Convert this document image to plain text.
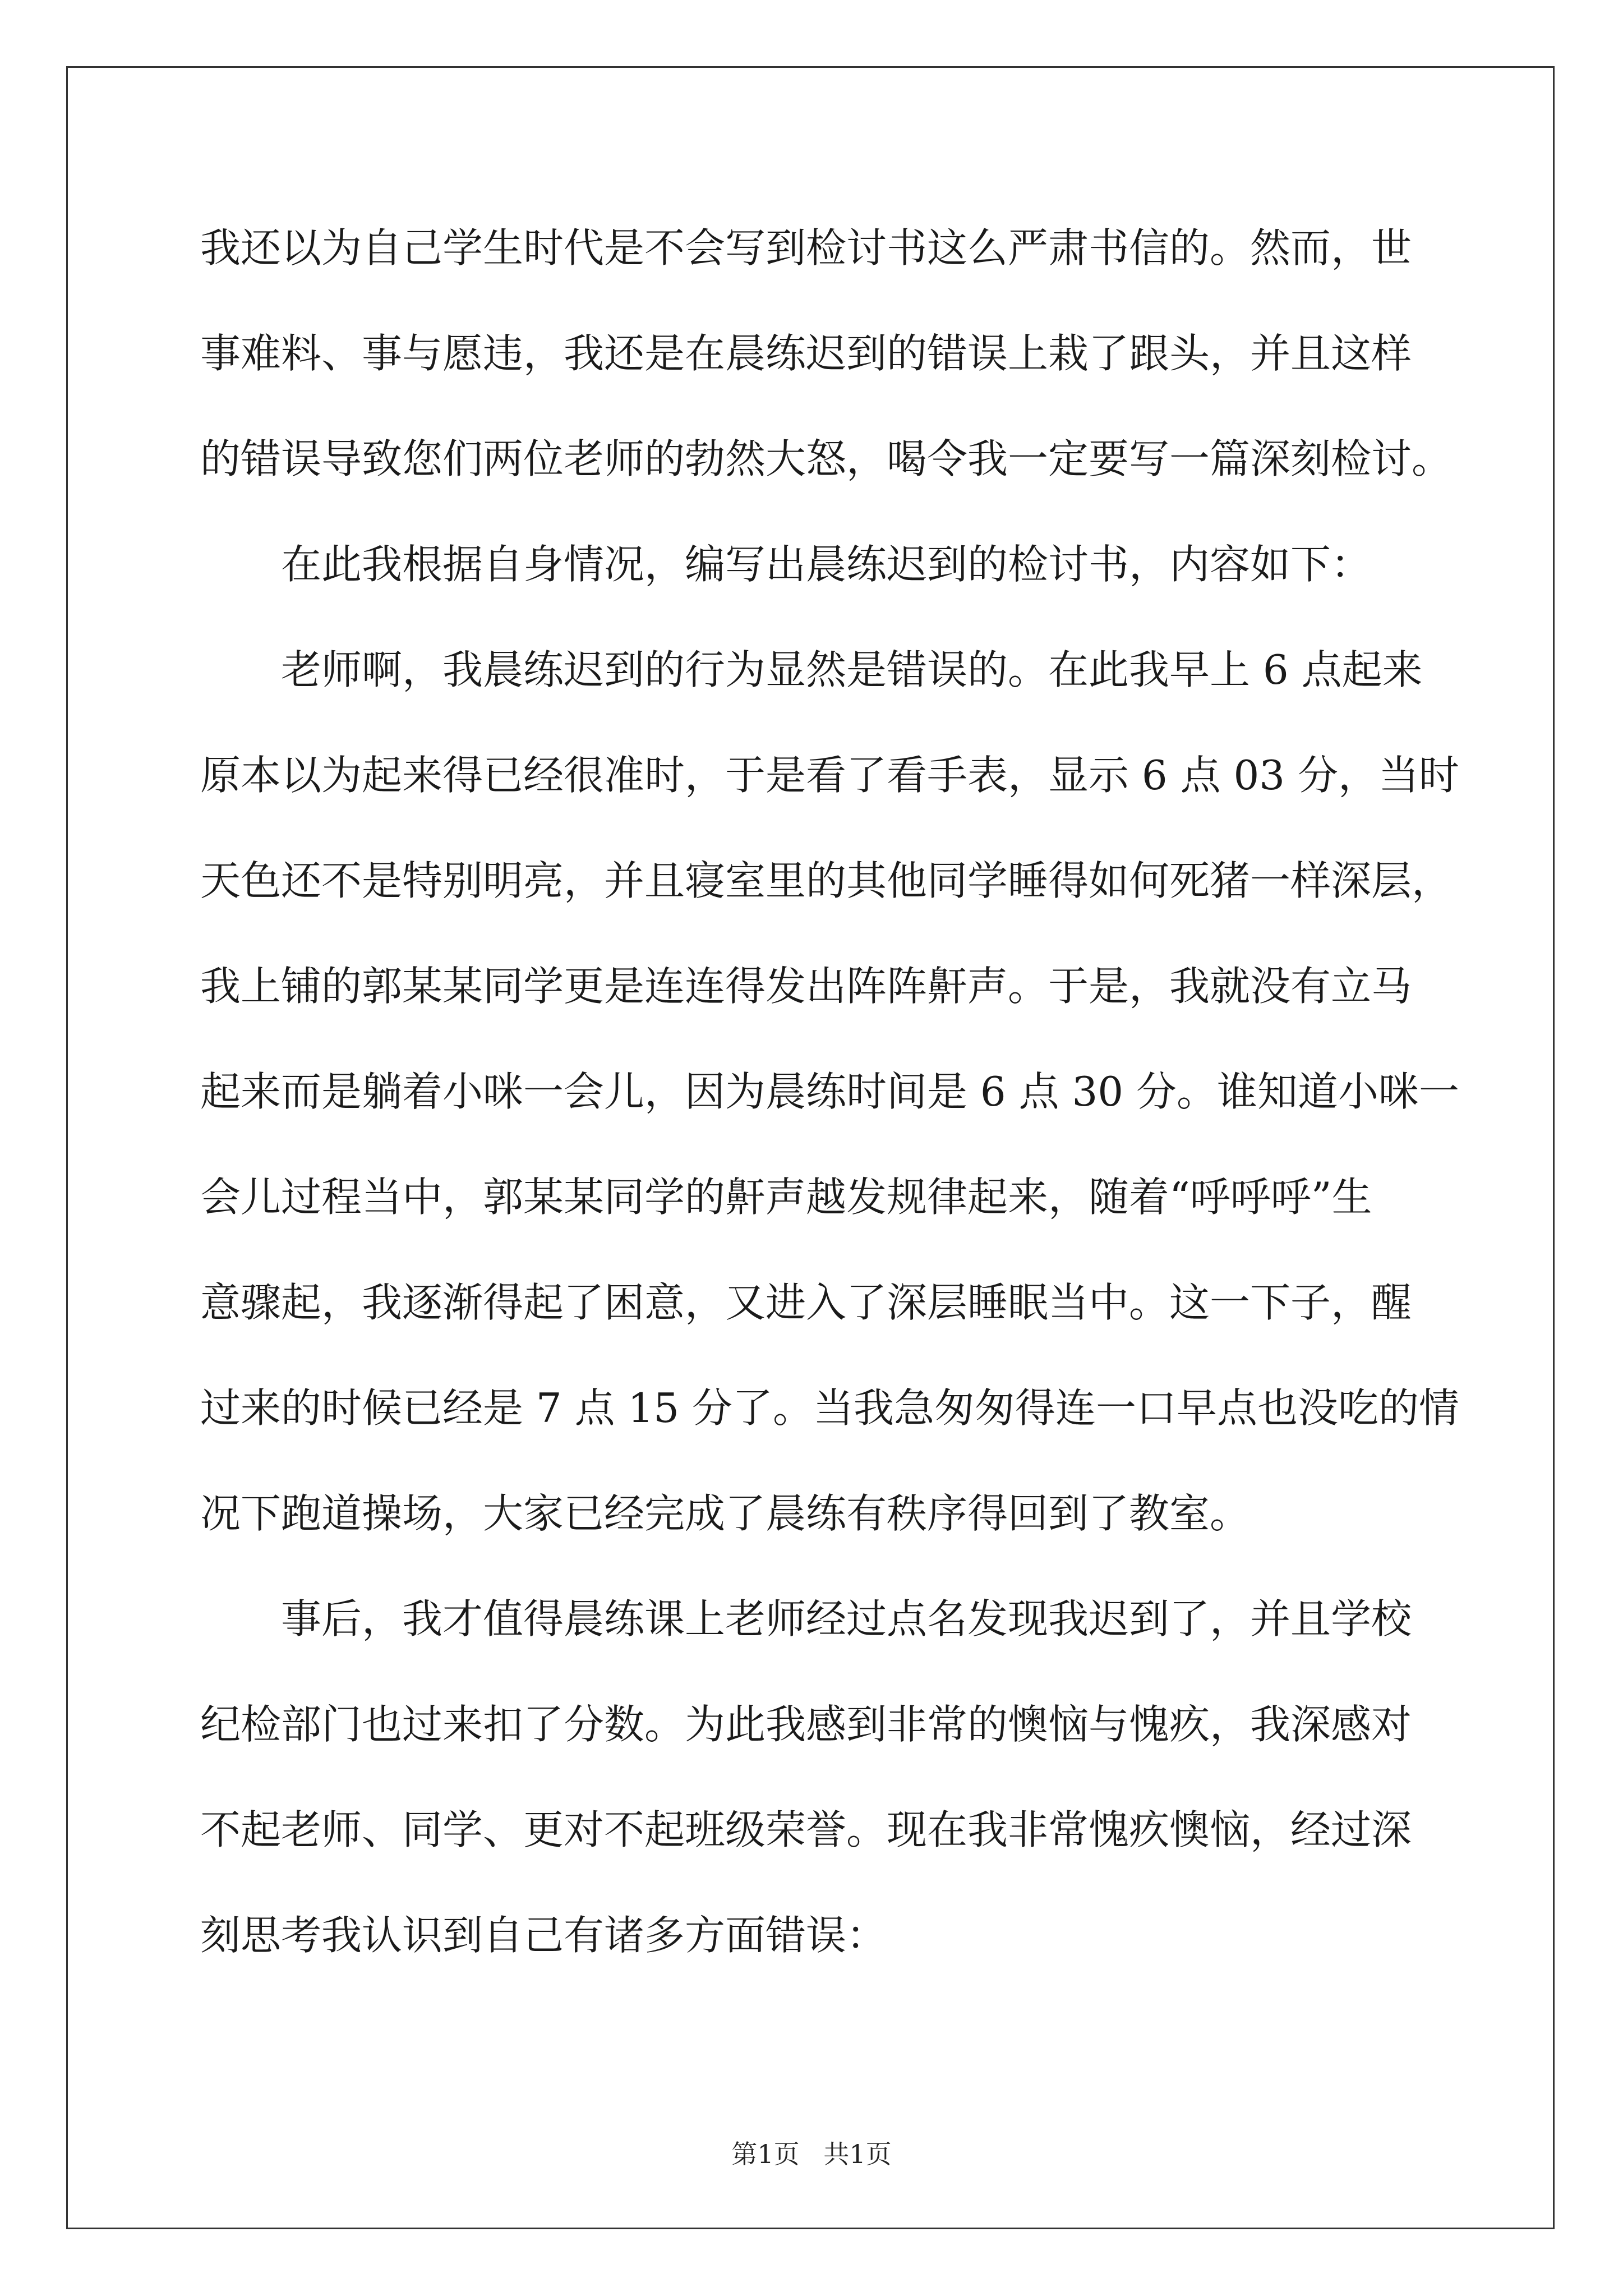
我还以为自己学生时代是不会写到检讨书这么严肃书信的。然而，世
事难料、事与愿违，我还是在晨练迟到的错误上栽了跟头，并且这样
的错误导致您们两位老师的勃然大怒，喝令我一定要写一篇深刻检讨。
在此我根据自身情况，编写出晨练迟到的检讨书，内容如下：
老师啊，我晨练迟到的行为显然是错误的。在此我早上 6 点起来
原本以为起来得已经很准时，于是看了看手表，显示 6 点 03 分，当时
天色还不是特别明亮，并且寝室里的其他同学睡得如何死猪一样深层，
我上铺的郭某某同学更是连连得发出阵阵鼾声。于是，我就没有立马
起来而是躺着小咪一会儿，因为晨练时间是 6 点 30 分。谁知道小咪一
会儿过程当中，郭某某同学的鼾声越发规律起来，随着“呼呼呼”生
意骤起，我逐渐得起了困意，又进入了深层睡眠当中。这一下子，醒
过来的时候已经是 7 点 15 分了。当我急匆匆得连一口早点也没吃的情
况下跑道操场，大家已经完成了晨练有秩序得回到了教室。
事后，我才值得晨练课上老师经过点名发现我迟到了，并且学校
纪检部门也过来扣了分数。为此我感到非常的懊恼与愧疚，我深感对
不起老师、同学、更对不起班级荣誉。现在我非常愧疚懊恼，经过深
刻思考我认识到自己有诸多方面错误：
第1页 共1页
